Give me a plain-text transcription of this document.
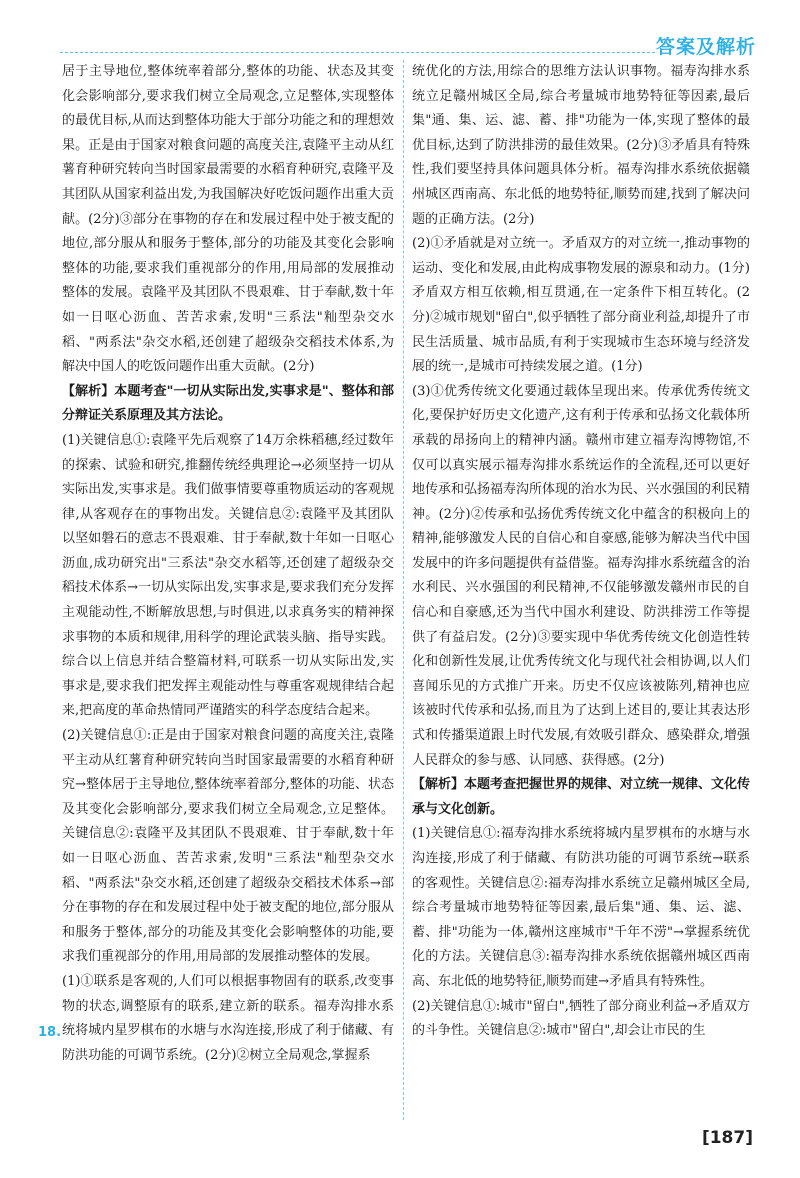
答案及解析

居于主导地位,整体统率着部分,整体的功能、状态及其变化会影响部分,要求我们树立全局观念,立足整体,实现整体的最优目标,从而达到整体功能大于部分功能之和的理想效果。正是由于国家对粮食问题的高度关注,袁隆平主动从红薯育种研究转向当时国家最需要的水稻育种研究,袁隆平及其团队从国家利益出发,为我国解决好吃饭问题作出重大贡献。(2分)③部分在事物的存在和发展过程中处于被支配的地位,部分服从和服务于整体,部分的功能及其变化会影响整体的功能,要求我们重视部分的作用,用局部的发展推动整体的发展。袁隆平及其团队不畏艰难、甘于奉献,数十年如一日呕心沥血、苦苦求索,发明"三系法"籼型杂交水稻、"两系法"杂交水稻,还创建了超级杂交稻技术体系,为解决中国人的吃饭问题作出重大贡献。(2分)

【解析】本题考查"一切从实际出发,实事求是"、整体和部分辩证关系原理及其方法论。

(1)关键信息①:袁隆平先后观察了14万余株稻穗,经过数年的探索、试验和研究,推翻传统经典理论→必须坚持一切从实际出发,实事求是。我们做事情要尊重物质运动的客观规律,从客观存在的事物出发。关键信息②:袁隆平及其团队以坚如磐石的意志不畏艰难、甘于奉献,数十年如一日呕心沥血,成功研究出"三系法"杂交水稻等,还创建了超级杂交稻技术体系→一切从实际出发,实事求是,要求我们充分发挥主观能动性,不断解放思想,与时俱进,以求真务实的精神探求事物的本质和规律,用科学的理论武装头脑、指导实践。综合以上信息并结合整篇材料,可联系一切从实际出发,实事求是,要求我们把发挥主观能动性与尊重客观规律结合起来,把高度的革命热情同严谨踏实的科学态度结合起来。

(2)关键信息①:正是由于国家对粮食问题的高度关注,袁隆平主动从红薯育种研究转向当时国家最需要的水稻育种研究→整体居于主导地位,整体统率着部分,整体的功能、状态及其变化会影响部分,要求我们树立全局观念,立足整体。关键信息②:袁隆平及其团队不畏艰难、甘于奉献,数十年如一日呕心沥血、苦苦求索,发明"三系法"籼型杂交水稻、"两系法"杂交水稻,还创建了超级杂交稻技术体系→部分在事物的存在和发展过程中处于被支配的地位,部分服从和服务于整体,部分的功能及其变化会影响整体的功能,要求我们重视部分的作用,用局部的发展推动整体的发展。

(1)①联系是客观的,人们可以根据事物固有的联系,改变事物的状态,调整原有的联系,建立新的联系。福寿沟排水系统将城内星罗棋布的水塘与水沟连接,形成了利于储藏、有防洪功能的可调节系统。(2分)②树立全局观念,掌握系

18.

统优化的方法,用综合的思维方法认识事物。福寿沟排水系统立足赣州城区全局,综合考量城市地势特征等因素,最后集"通、集、运、滤、蓄、排"功能为一体,实现了整体的最优目标,达到了防洪排涝的最佳效果。(2分)③矛盾具有特殊性,我们要坚持具体问题具体分析。福寿沟排水系统依据赣州城区西南高、东北低的地势特征,顺势而建,找到了解决问题的正确方法。(2分)

(2)①矛盾就是对立统一。矛盾双方的对立统一,推动事物的运动、变化和发展,由此构成事物发展的源泉和动力。(1分)矛盾双方相互依赖,相互贯通,在一定条件下相互转化。(2分)②城市规划"留白",似乎牺牲了部分商业利益,却提升了市民生活质量、城市品质,有利于实现城市生态环境与经济发展的统一,是城市可持续发展之道。(1分)

(3)①优秀传统文化要通过载体呈现出来。传承优秀传统文化,要保护好历史文化遗产,这有利于传承和弘扬文化载体所承载的昂扬向上的精神内涵。赣州市建立福寿沟博物馆,不仅可以真实展示福寿沟排水系统运作的全流程,还可以更好地传承和弘扬福寿沟所体现的治水为民、兴水强国的利民精神。(2分)②传承和弘扬优秀传统文化中蕴含的积极向上的精神,能够激发人民的自信心和自豪感,能够为解决当代中国发展中的许多问题提供有益借鉴。福寿沟排水系统蕴含的治水利民、兴水强国的利民精神,不仅能够激发赣州市民的自信心和自豪感,还为当代中国水利建设、防洪排涝工作等提供了有益启发。(2分)③要实现中华优秀传统文化创造性转化和创新性发展,让优秀传统文化与现代社会相协调,以人们喜闻乐见的方式推广开来。历史不仅应该被陈列,精神也应该被时代传承和弘扬,而且为了达到上述目的,要让其表达形式和传播渠道跟上时代发展,有效吸引群众、感染群众,增强人民群众的参与感、认同感、获得感。(2分)

【解析】本题考查把握世界的规律、对立统一规律、文化传承与文化创新。

(1)关键信息①:福寿沟排水系统将城内星罗棋布的水塘与水沟连接,形成了利于储藏、有防洪功能的可调节系统→联系的客观性。关键信息②:福寿沟排水系统立足赣州城区全局,综合考量城市地势特征等因素,最后集"通、集、运、滤、蓄、排"功能为一体,赣州这座城市"千年不涝"→掌握系统优化的方法。关键信息③:福寿沟排水系统依据赣州城区西南高、东北低的地势特征,顺势而建→矛盾具有特殊性。

(2)关键信息①:城市"留白",牺牲了部分商业利益→矛盾双方的斗争性。关键信息②:城市"留白",却会让市民的生

[ 187 ]
